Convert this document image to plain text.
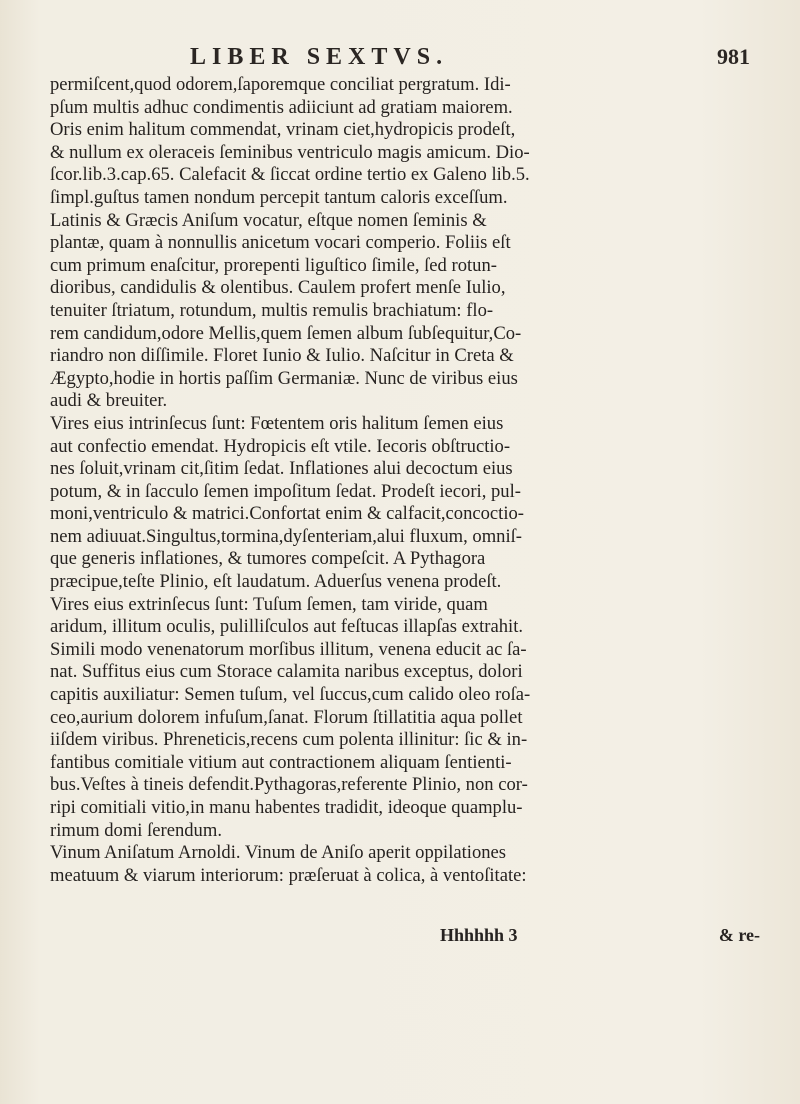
LIBER SEXTVS.	981
permiſcent,quod odorem,ſaporemque conciliat pergratum. Idi-
pſum multis adhuc condimentis adiiciunt ad gratiam maiorem.
Oris enim halitum commendat, vrinam ciet,hydropicis prodeſt,
& nullum ex oleraceis ſeminibus ventriculo magis amicum. Dio-
ſcor.lib.3.cap.65. Calefacit & ſiccat ordine tertio ex Galeno lib.5.
ſimpl.guſtus tamen nondum percepit tantum caloris exceſſum.
Latinis & Græcis Aniſum vocatur, eſtque nomen ſeminis &
plantæ, quam à nonnullis anicetum vocari comperio. Foliis eſt
cum primum enaſcitur, prorepenti liguſtico ſimile, ſed rotun-
dioribus, candidulis & olentibus. Caulem profert menſe Iulio,
tenuiter ſtriatum, rotundum, multis remulis brachiatum: flo-
rem candidum,odore Mellis,quem ſemen album ſubſequitur,Co-
riandro non diſſimile. Floret Iunio & Iulio. Naſcitur in Creta &
Ægypto,hodie in hortis paſſim Germaniæ. Nunc de viribus eius
audi & breuiter.
Vires eius intrinſecus ſunt: Fœtentem oris halitum ſemen eius
aut confectio emendat. Hydropicis eſt vtile. Iecoris obſtructio-
nes ſoluit,vrinam cit,ſitim ſedat. Inflationes alui decoctum eius
potum, & in ſacculo ſemen impoſitum ſedat. Prodeſt iecori, pul-
moni,ventriculo & matrici.Confortat enim & calfacit,concoctio-
nem adiuuat.Singultus,tormina,dyſenteriam,alui fluxum, omniſ-
que generis inflationes, & tumores compeſcit. A Pythagora
præcipue,teſte Plinio, eſt laudatum. Aduerſus venena prodeſt.
Vires eius extrinſecus ſunt: Tuſum ſemen, tam viride, quam
aridum, illitum oculis, pulilliſculos aut feſtucas illapſas extrahit.
Simili modo venenatorum morſibus illitum, venena educit ac ſa-
nat. Suffitus eius cum Storace calamita naribus exceptus, dolori
capitis auxiliatur: Semen tuſum, vel ſuccus,cum calido oleo roſa-
ceo,aurium dolorem infuſum,ſanat. Florum ſtillatitia aqua pollet
iiſdem viribus. Phreneticis,recens cum polenta illinitur: ſic & in-
fantibus comitiale vitium aut contractionem aliquam ſentienti-
bus.Veſtes à tineis defendit.Pythagoras,referente Plinio, non cor-
ripi comitiali vitio,in manu habentes tradidit, ideoque quamplu-
rimum domi ſerendum.
Vinum Aniſatum Arnoldi. Vinum de Aniſo aperit oppilationes
meatuum & viarum interiorum: præſeruat à colica, à ventoſitate:
Hhhhhh 3	& re-
